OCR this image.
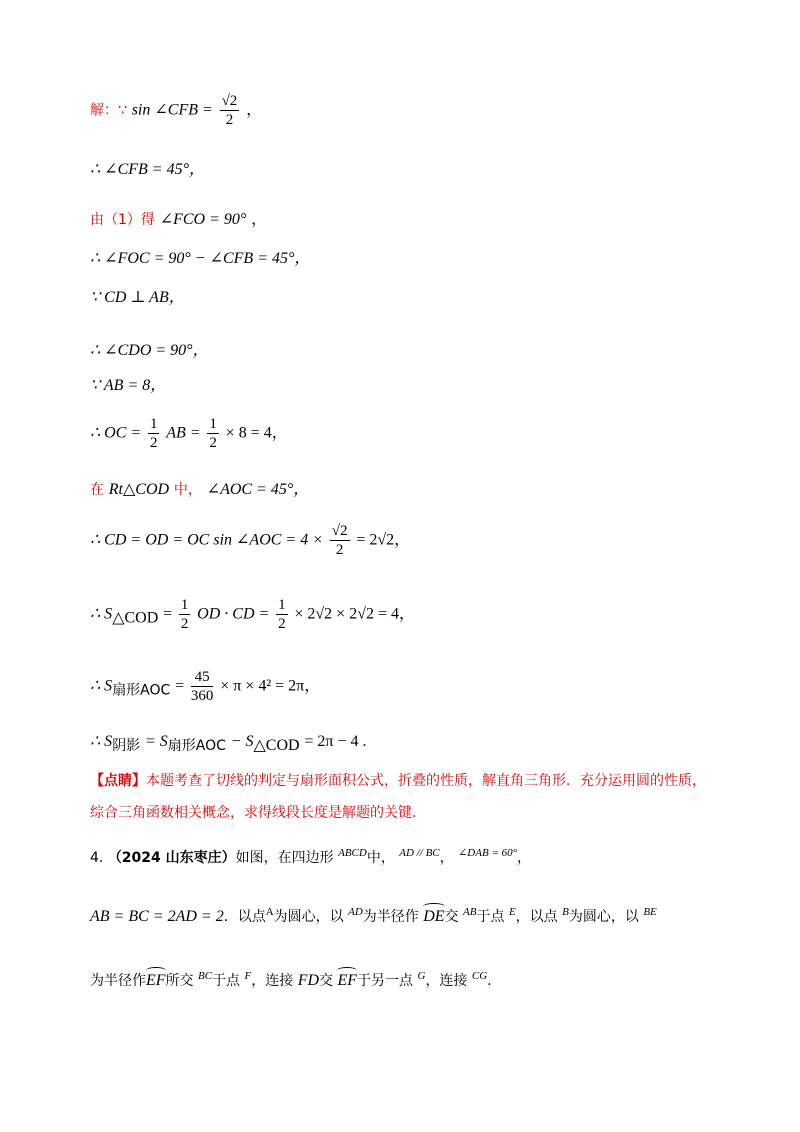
解：∵ sin ∠CFB = $\frac{√2}{2}$ ，
∴ ∠CFB = 45°，
由（1）得 ∠FCO = 90° ，
∴ ∠FOC = 90° − ∠CFB = 45°，
∵ CD ⊥ AB，
∴ ∠CDO = 90°，
∵ AB = 8，
∴ OC = $\frac{1}{2}$ AB = $\frac{1}{2} \times 8 = 4$，
在 Rt△COD 中， ∠AOC = 45°，
∴ CD = OD = OC sin ∠AOC = $4 \times \frac{√2}{2} = 2√2$，
∴ $S_{\triangle COD} = \frac{1}{2}$ OD · CD = $\frac{1}{2} \times 2√2 \times 2√2 = 4$，
∴ $S_{扇形AOC} = \frac{45}{360} \times \pi \times 4^2 = 2\pi$，
∴ $S_{阴影} = S_{扇形AOC} - S_{\triangle COD} = 2\pi - 4$ .
【点睛】本题考查了切线的判定与扇形面积公式，折叠的性质，解直角三角形．充分运用圆的性质，
综合三角函数相关概念，求得线段长度是解题的关键.
4. （2024 山东枣庄）如图，在四边形 $^{ABCD}$中， $^{AD // BC}$， $^{\angle DAB = 60^\circ}$，
AB = BC = 2AD = 2．以点$^A$为圆心，以 $^{AD}$为半径作 DE交 $^{AB}$于点 $^E$，以点 $^B$为圆心，以 $^{BE}$
为半径作EF所交 $^{BC}$于点 $^F$，连接 FD交 EF于另一点 $^G$，连接 $^{CG}$.
